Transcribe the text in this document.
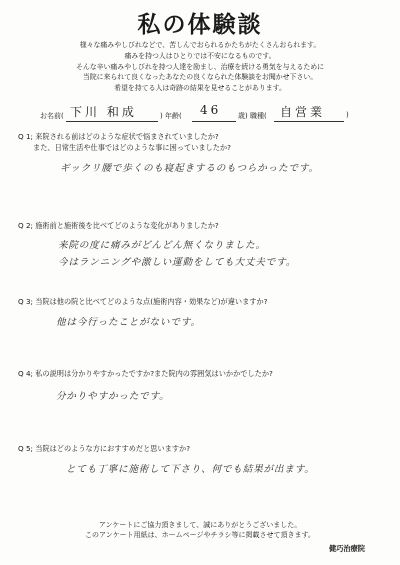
私の体験談
様々な痛みやしびれなどで、苦しんでおられるかたちがたくさんおられます。
痛みを持つ人はひとりでは不安になるものです。
そんな辛い痛みやしびれを持つ人達を励まし、治療を続ける勇気を与えるために
当院に来られて良くなったあなたの良くなられた体験談をお聞かせ下さい。
希望を持てる人は奇跡の結果を見せることがあります。
お名前( 下川 和成	) 年齢( 46 歳) 職種( 自営業	)
Q 1; 来院される前はどのような症状で悩まされていましたか?
また、日常生活や仕事ではどのような事に困っていましたか?
ギックリ腰で歩くのも寝起きするのもつらかったです。
Q 2; 施術前と施術後を比べてどのような変化がありましたか?
来院の度に痛みがどんどん無くなりました。
今はランニングや激しい運動をしても大丈夫です。
Q 3; 当院は他の院と比べてどのような点(施術内容・効果など)が違いますか?
他は今行ったことがないです。
Q 4; 私の説明は分かりやすかったですか?また院内の雰囲気はいかかでしたか?
分かりやすかったです。
Q 5; 当院はどのような方におすすめだと思いますか?
とても丁寧に施術して下さり、何でも結果が出ます。
アンケートにご協力頂きまして、誠にありがとうございました。
このアンケート用紙は、ホームページやチラシ等に掲載させて頂きます。
健巧治療院
